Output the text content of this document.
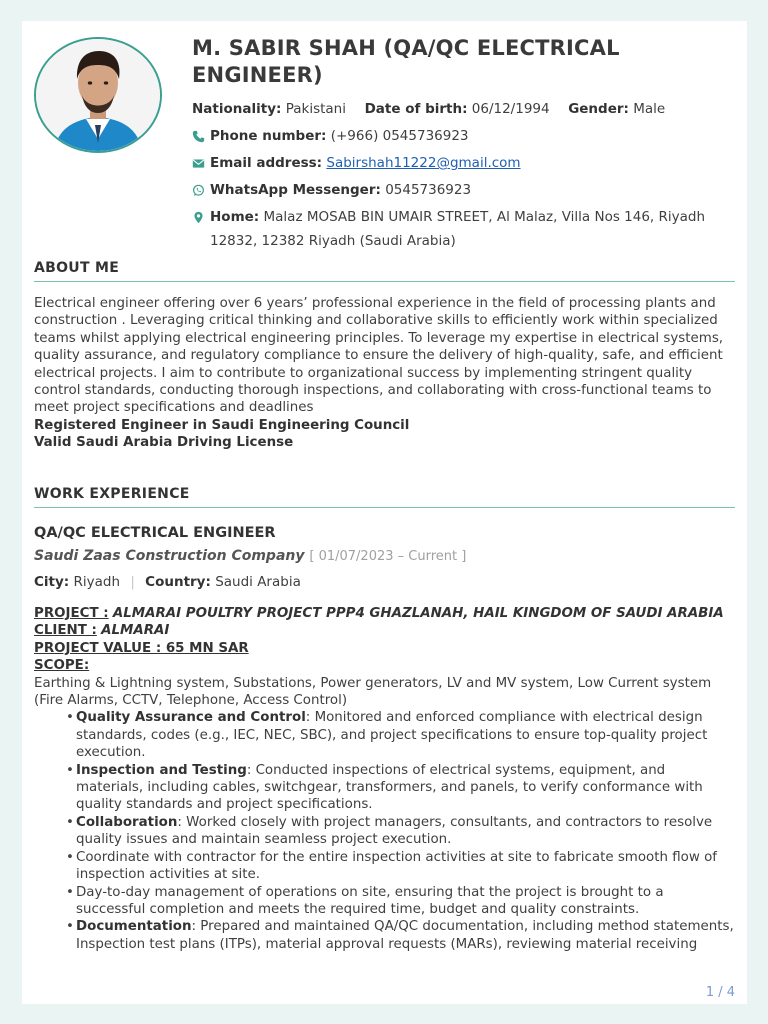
M. SABIR SHAH (QA/QC ELECTRICAL ENGINEER)
Nationality: Pakistani Date of birth: 06/12/1994 Gender: Male
Phone number: (+966) 0545736923
Email address: Sabirshah11222@gmail.com
WhatsApp Messenger: 0545736923
Home: Malaz MOSAB BIN UMAIR STREET, Al Malaz, Villa Nos 146, Riyadh
12832, 12382 Riyadh (Saudi Arabia)
ABOUT ME
Electrical engineer offering over 6 years’ professional experience in the field of processing plants and construction . Leveraging critical thinking and collaborative skills to efficiently work within specialized teams whilst applying electrical engineering principles. To leverage my expertise in electrical systems, quality assurance, and regulatory compliance to ensure the delivery of high-quality, safe, and efficient electrical projects. I aim to contribute to organizational success by implementing stringent quality control standards, conducting thorough inspections, and collaborating with cross-functional teams to meet project specifications and deadlines
Registered Engineer in Saudi Engineering Council
Valid Saudi Arabia Driving License
WORK EXPERIENCE
QA/QC ELECTRICAL ENGINEER
Saudi Zaas Construction Company [ 01/07/2023 – Current ]
City: Riyadh | Country: Saudi Arabia
PROJECT : ALMARAI POULTRY PROJECT PPP4 GHAZLANAH, HAIL KINGDOM OF SAUDI ARABIA
CLIENT : ALMARAI
PROJECT VALUE : 65 MN SAR
SCOPE:
Earthing & Lightning system, Substations, Power generators, LV and MV system, Low Current system (Fire Alarms, CCTV, Telephone, Access Control)
• Quality Assurance and Control: Monitored and enforced compliance with electrical design standards, codes (e.g., IEC, NEC, SBC), and project specifications to ensure top-quality project execution.
• Inspection and Testing: Conducted inspections of electrical systems, equipment, and materials, including cables, switchgear, transformers, and panels, to verify conformance with quality standards and project specifications.
• Collaboration: Worked closely with project managers, consultants, and contractors to resolve quality issues and maintain seamless project execution.
• Coordinate with contractor for the entire inspection activities at site to fabricate smooth flow of inspection activities at site.
• Day-to-day management of operations on site, ensuring that the project is brought to a successful completion and meets the required time, budget and quality constraints.
• Documentation: Prepared and maintained QA/QC documentation, including method statements, Inspection test plans (ITPs), material approval requests (MARs), reviewing material receiving
1 / 4
